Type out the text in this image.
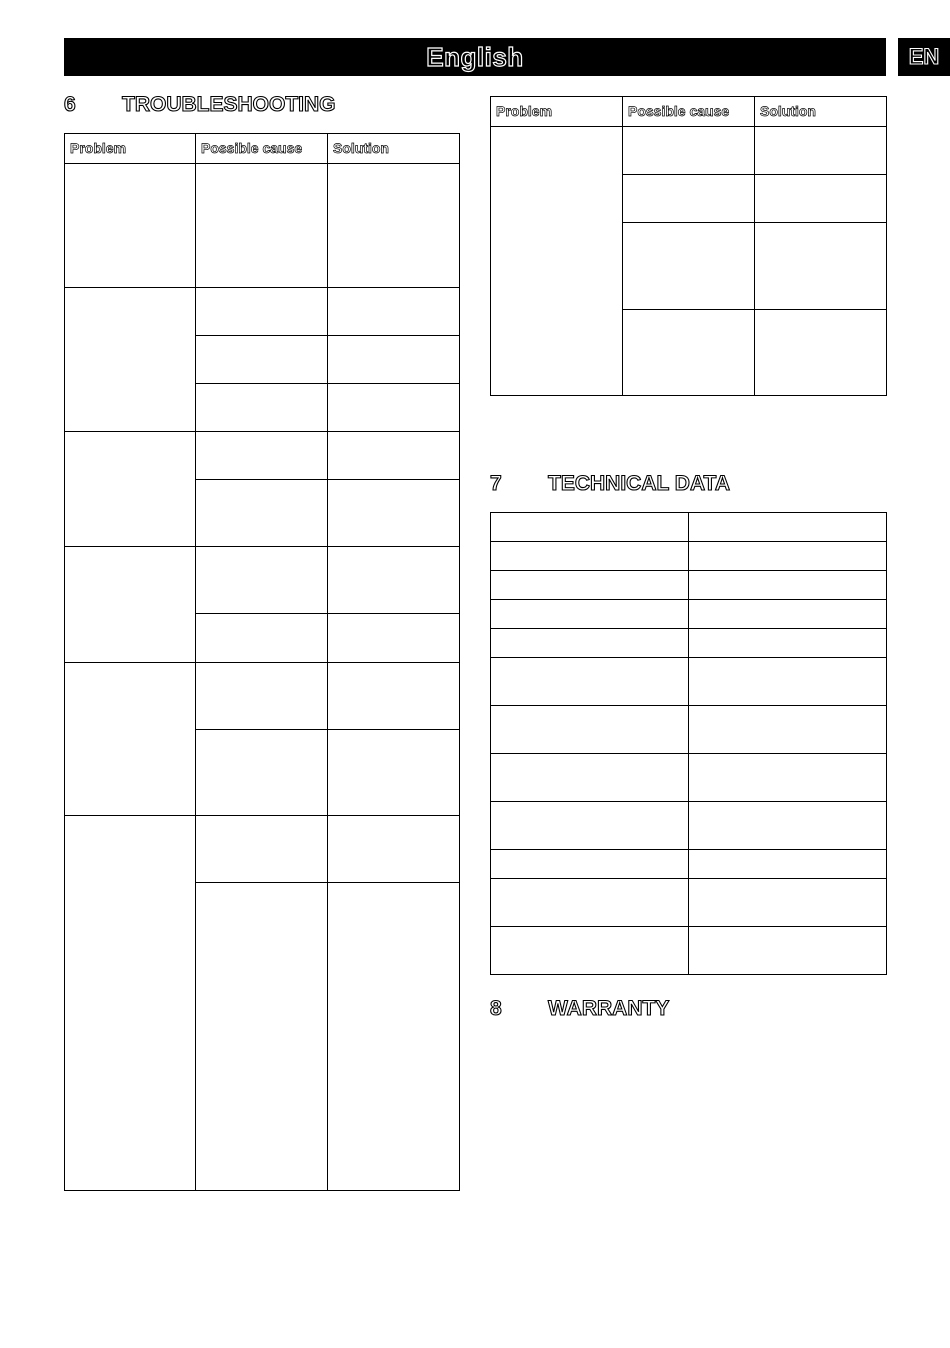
English	EN
6	TROUBLESHOOTING
Problem	Possible cause	Solution

Problem	Possible cause	Solution

7	TECHNICAL DATA

8	WARRANTY
